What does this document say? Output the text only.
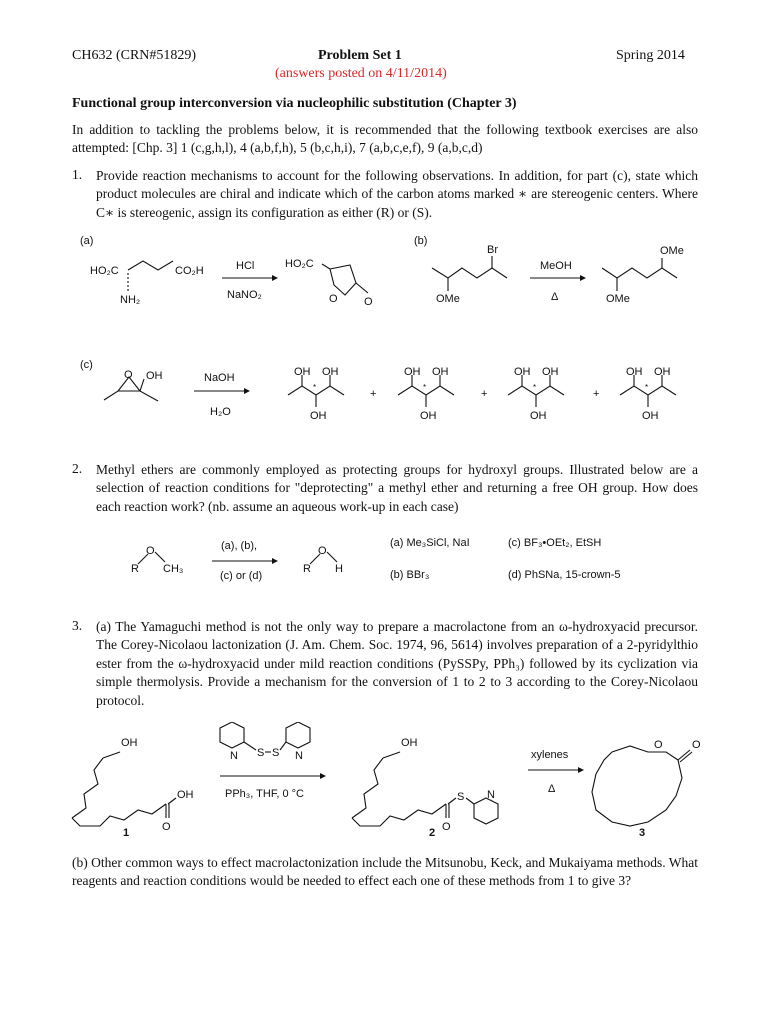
CH632 (CRN#51829)	Problem Set 1	Spring 2014
(answers posted on 4/11/2014)
Functional group interconversion via nucleophilic substitution (Chapter 3)
In addition to tackling the problems below, it is recommended that the following textbook exercises are also attempted: [Chp. 3] 1 (c,g,h,l), 4 (a,b,f,h), 5 (b,c,h,i), 7 (a,b,c,e,f), 9 (a,b,c,d)
1. Provide reaction mechanisms to account for the following observations. In addition, for part (c), state which product molecules are chiral and indicate which of the carbon atoms marked ∗ are stereogenic centers. Where C∗ is stereogenic, assign its configuration as either (R) or (S).
(a)
HO₂C	CO₂H
NH₂
HCl
NaNO₂
HO₂C
O O
(b)
Br
OMe
MeOH
Δ
OMe
OMe
(c)
O OH	NaOH
H₂O
OH OH
OH
*
+
OH OH
OH
*
+
OH OH
OH
*
+
OH OH
OH
*
2. Methyl ethers are commonly employed as protecting groups for hydroxyl groups. Illustrated below are a selection of reaction conditions for "deprotecting" a methyl ether and returning a free OH group. How does each reaction work? (nb. assume an aqueous work-up in each case)
R
O
CH₃
(a), (b),
(c) or (d)
R
O
H
(a) Me₃SiCl, NaI
(b) BBr₃
(c) BF₃•OEt₂, EtSH
(d) PhSNa, 15-crown-5
3. (a) The Yamaguchi method is not the only way to prepare a macrolactone from an ω-hydroxyacid precursor. The Corey-Nicolaou lactonization (J. Am. Chem. Soc. 1974, 96, 5614) involves preparation of a 2-pyridylthio ester from the ω-hydroxyacid under mild reaction conditions (PySSPy, PPh₃) followed by its cyclization via simple thermolysis. Provide a mechanism for the conversion of 1 to 2 to 3 according to the Corey-Nicolaou protocol.
OH
O
OH
1
N S S N
PPh₃, THF, 0 °C
OH
O
S N
2
xylenes
Δ
O	O
3
(b) Other common ways to effect macrolactonization include the Mitsunobu, Keck, and Mukaiyama methods. What reagents and reaction conditions would be needed to effect each one of these methods from 1 to give 3?
